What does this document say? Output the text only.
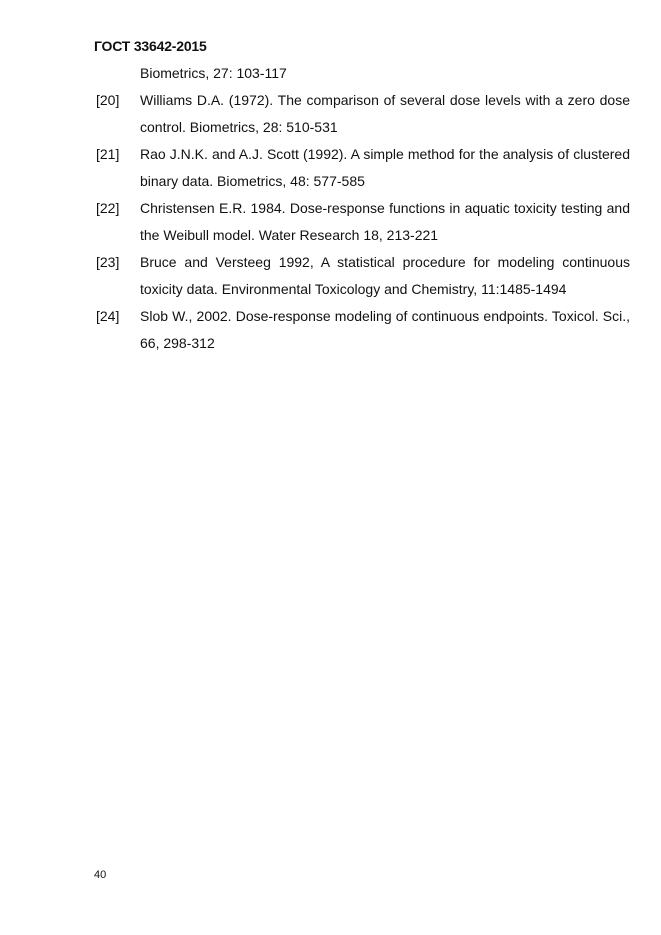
ГОСТ 33642-2015
Biometrics, 27: 103-117
[20]	Williams D.A. (1972). The comparison of several dose levels with a zero dose control. Biometrics, 28: 510-531
[21]	Rao J.N.K. and A.J. Scott (1992). A simple method for the analysis of clustered binary data. Biometrics, 48: 577-585
[22]	Christensen E.R. 1984. Dose-response functions in aquatic toxicity testing and the Weibull model. Water Research 18, 213-221
[23]	Bruce and Versteeg 1992, A statistical procedure for modeling continuous toxicity data. Environmental Toxicology and Chemistry, 11:1485-1494
[24]	Slob W., 2002. Dose-response modeling of continuous endpoints. Toxicol. Sci., 66, 298-312
40
